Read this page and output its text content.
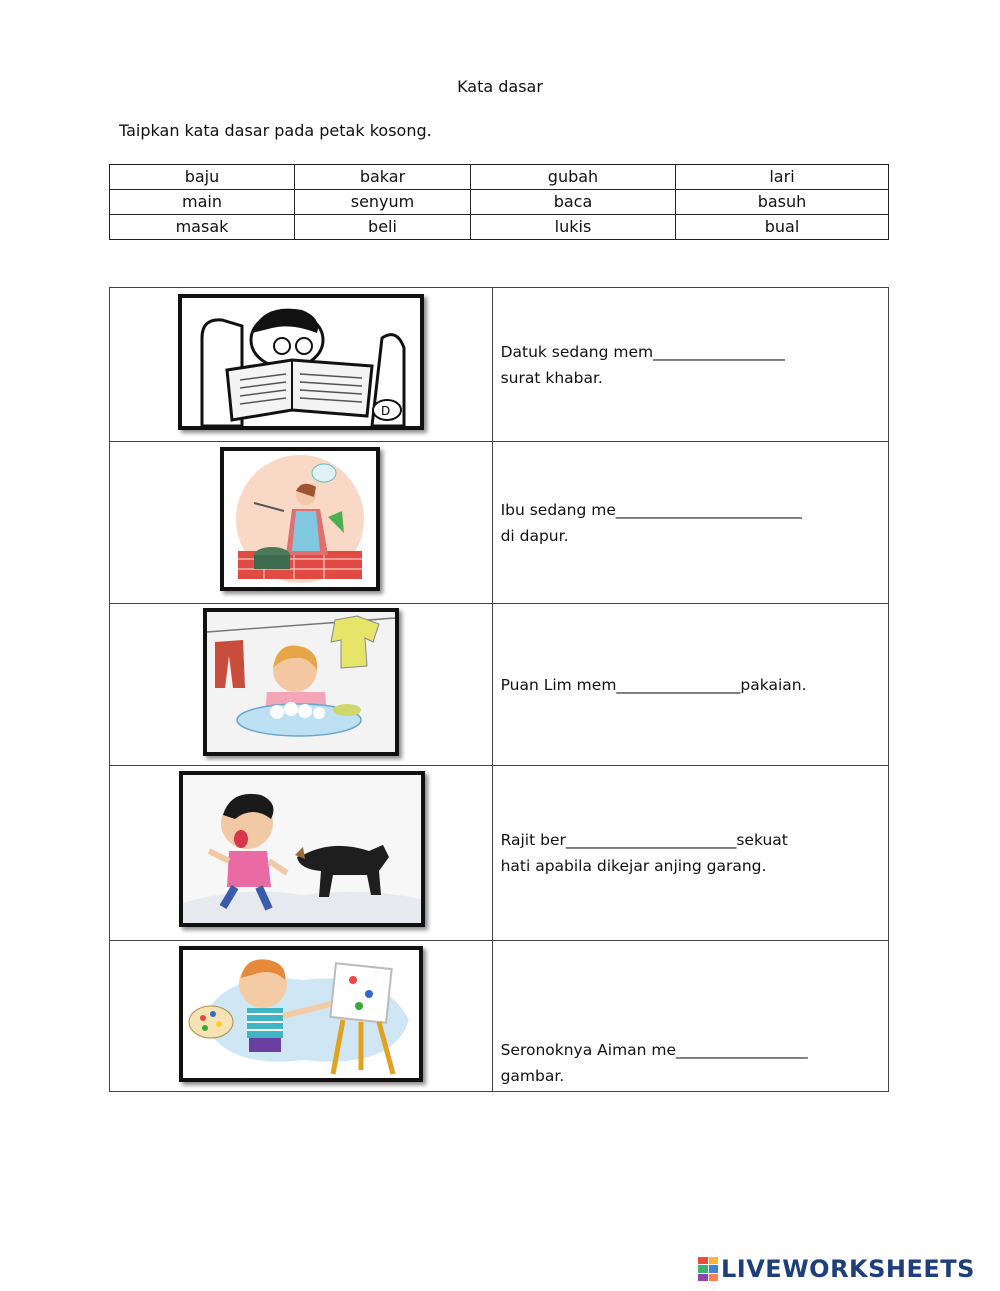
Kata dasar
Taipkan kata dasar pada petak kosong.
baju	bakar	gubah	lari
main	senyum	baca	basuh
masak	beli	lukis	bual
D	Datuk sedang mem_________________
surat khabar.

Ibu sedang me________________________
di dapur.

Puan Lim mem________________pakaian.

Rajit ber______________________sekuat
hati apabila dikejar anjing garang.

Seronoknya Aiman me_________________
gambar.
LIVEWORKSHEETS
